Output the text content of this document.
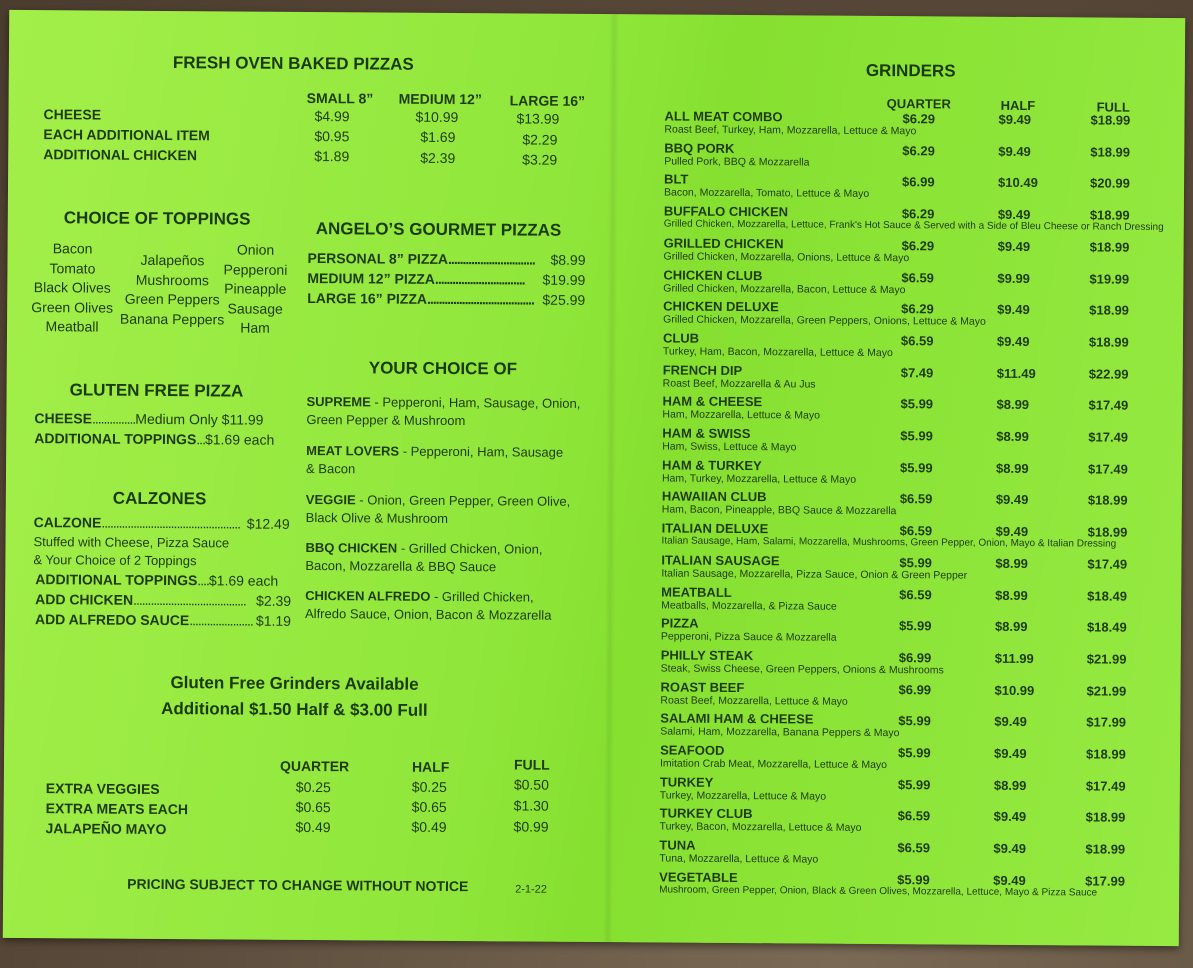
FRESH OVEN BAKED PIZZAS
SMALL 8” MEDIUM 12” LARGE 16”
CHEESE	$4.99	$10.99	$13.99
EACH ADDITIONAL ITEM	$0.95	$1.69	$2.29
ADDITIONAL CHICKEN	$1.89	$2.39	$3.29
CHOICE OF TOPPINGS
Bacon
Tomato
Black Olives
Green Olives
Meatball
Jalapeños
Mushrooms
Green Peppers
Banana Peppers
Onion
Pepperoni
Pineapple
Sausage
Ham
ANGELO’S GOURMET PIZZAS
PERSONAL 8” PIZZA.............................. $8.99
MEDIUM 12” PIZZA............................... $19.99
LARGE 16” PIZZA..................................... $25.99
GLUTEN FREE PIZZA
CHEESE...............Medium Only $11.99
ADDITIONAL TOPPINGS...$1.69 each
CALZONES
CALZONE................................................ $12.49
Stuffed with Cheese, Pizza Sauce
& Your Choice of 2 Toppings
ADDITIONAL TOPPINGS....$1.69 each
ADD CHICKEN....................................... $2.39
ADD ALFREDO SAUCE...................... $1.19
YOUR CHOICE OF
SUPREME - Pepperoni, Ham, Sausage, Onion,
Green Pepper & Mushroom
MEAT LOVERS - Pepperoni, Ham, Sausage
& Bacon
VEGGIE - Onion, Green Pepper, Green Olive,
Black Olive & Mushroom
BBQ CHICKEN - Grilled Chicken, Onion,
Bacon, Mozzarella & BBQ Sauce
CHICKEN ALFREDO - Grilled Chicken,
Alfredo Sauce, Onion, Bacon & Mozzarella
Gluten Free Grinders Available
Additional $1.50 Half & $3.00 Full
QUARTER	HALF	FULL
EXTRA VEGGIES	$0.25	$0.25	$0.50
EXTRA MEATS EACH	$0.65	$0.65	$1.30
JALAPEÑO MAYO	$0.49	$0.49	$0.99
PRICING SUBJECT TO CHANGE WITHOUT NOTICE	2-1-22
GRINDERS
QUARTER	HALF	FULL
ALL MEAT COMBO
Roast Beef, Turkey, Ham, Mozzarella, Lettuce & Mayo
$6.29	$9.49	$18.99
BBQ PORK
Pulled Pork, BBQ & Mozzarella
$6.29	$9.49	$18.99
BLT
Bacon, Mozzarella, Tomato, Lettuce & Mayo
$6.99	$10.49	$20.99
BUFFALO CHICKEN
Grilled Chicken, Mozzarella, Lettuce, Frank's Hot Sauce & Served with a Side of Bleu Cheese or Ranch Dressing
$6.29	$9.49	$18.99
GRILLED CHICKEN
Grilled Chicken, Mozzarella, Onions, Lettuce & Mayo
$6.29	$9.49	$18.99
CHICKEN CLUB
Grilled Chicken, Mozzarella, Bacon, Lettuce & Mayo
$6.59	$9.99	$19.99
CHICKEN DELUXE
Grilled Chicken, Mozzarella, Green Peppers, Onions, Lettuce & Mayo
$6.29	$9.49	$18.99
CLUB
Turkey, Ham, Bacon, Mozzarella, Lettuce & Mayo
$6.59	$9.49	$18.99
FRENCH DIP
Roast Beef, Mozzarella & Au Jus
$7.49	$11.49	$22.99
HAM & CHEESE
Ham, Mozzarella, Lettuce & Mayo
$5.99	$8.99	$17.49
HAM & SWISS
Ham, Swiss, Lettuce & Mayo
$5.99	$8.99	$17.49
HAM & TURKEY
Ham, Turkey, Mozzarella, Lettuce & Mayo
$5.99	$8.99	$17.49
HAWAIIAN CLUB
Ham, Bacon, Pineapple, BBQ Sauce & Mozzarella
$6.59	$9.49	$18.99
ITALIAN DELUXE
Italian Sausage, Ham, Salami, Mozzarella, Mushrooms, Green Pepper, Onion, Mayo & Italian Dressing
$6.59	$9.49	$18.99
ITALIAN SAUSAGE
Italian Sausage, Mozzarella, Pizza Sauce, Onion & Green Pepper
$5.99	$8.99	$17.49
MEATBALL
Meatballs, Mozzarella, & Pizza Sauce
$6.59	$8.99	$18.49
PIZZA
Pepperoni, Pizza Sauce & Mozzarella
$5.99	$8.99	$18.49
PHILLY STEAK
Steak, Swiss Cheese, Green Peppers, Onions & Mushrooms
$6.99	$11.99	$21.99
ROAST BEEF
Roast Beef, Mozzarella, Lettuce & Mayo
$6.99	$10.99	$21.99
SALAMI HAM & CHEESE
Salami, Ham, Mozzarella, Banana Peppers & Mayo
$5.99	$9.49	$17.99
SEAFOOD
Imitation Crab Meat, Mozzarella, Lettuce & Mayo
$5.99	$9.49	$18.99
TURKEY
Turkey, Mozzarella, Lettuce & Mayo
$5.99	$8.99	$17.49
TURKEY CLUB
Turkey, Bacon, Mozzarella, Lettuce & Mayo
$6.59	$9.49	$18.99
TUNA
Tuna, Mozzarella, Lettuce & Mayo
$6.59	$9.49	$18.99
VEGETABLE
Mushroom, Green Pepper, Onion, Black & Green Olives, Mozzarella, Lettuce, Mayo & Pizza Sauce
$5.99	$9.49	$17.99
